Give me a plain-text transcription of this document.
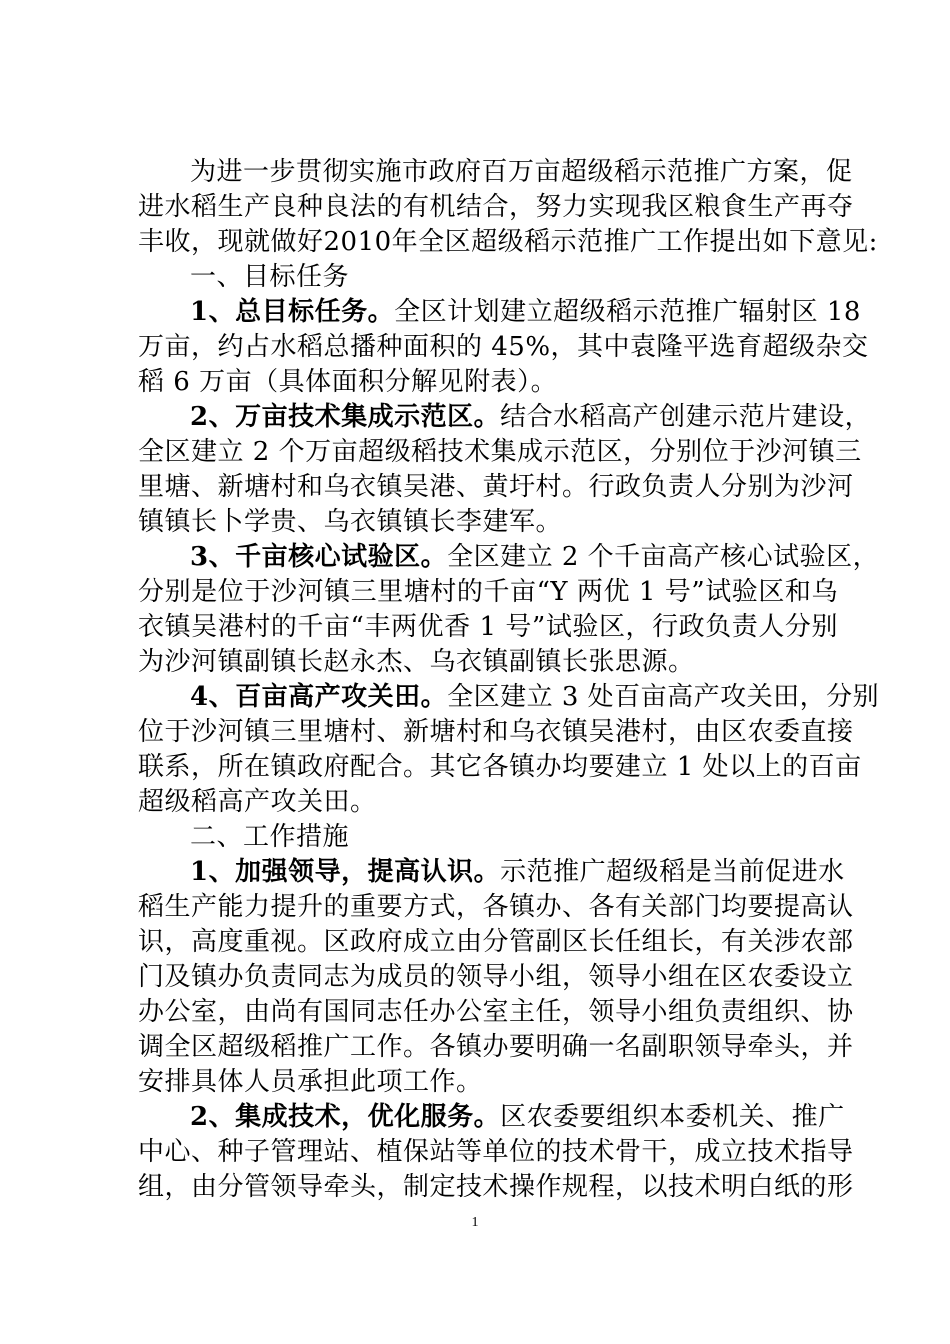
为进一步贯彻实施市政府百万亩超级稻示范推广方案，促
进水稻生产良种良法的有机结合，努力实现我区粮食生产再夺
丰收，现就做好2010年全区超级稻示范推广工作提出如下意见:
一、目标任务
1、总目标任务。全区计划建立超级稻示范推广辐射区 18
万亩，约占水稻总播种面积的 45%，其中袁隆平选育超级杂交
稻 6 万亩（具体面积分解见附表）。
2、万亩技术集成示范区。结合水稻高产创建示范片建设，
全区建立 2 个万亩超级稻技术集成示范区，分别位于沙河镇三
里塘、新塘村和乌衣镇吴港、黄圩村。行政负责人分别为沙河
镇镇长卜学贵、乌衣镇镇长李建军。
3、千亩核心试验区。全区建立 2 个千亩高产核心试验区，
分别是位于沙河镇三里塘村的千亩“Y 两优 1 号”试验区和乌
衣镇吴港村的千亩“丰两优香 1 号”试验区，行政负责人分别
为沙河镇副镇长赵永杰、乌衣镇副镇长张思源。
4、百亩高产攻关田。全区建立 3 处百亩高产攻关田，分别
位于沙河镇三里塘村、新塘村和乌衣镇吴港村，由区农委直接
联系，所在镇政府配合。其它各镇办均要建立 1 处以上的百亩
超级稻高产攻关田。
二、工作措施
1、加强领导，提高认识。示范推广超级稻是当前促进水
稻生产能力提升的重要方式，各镇办、各有关部门均要提高认
识，高度重视。区政府成立由分管副区长任组长，有关涉农部
门及镇办负责同志为成员的领导小组，领导小组在区农委设立
办公室，由尚有国同志任办公室主任，领导小组负责组织、协
调全区超级稻推广工作。各镇办要明确一名副职领导牵头，并
安排具体人员承担此项工作。
2、集成技术，优化服务。区农委要组织本委机关、推广
中心、种子管理站、植保站等单位的技术骨干，成立技术指导
组，由分管领导牵头，制定技术操作规程，以技术明白纸的形
1
